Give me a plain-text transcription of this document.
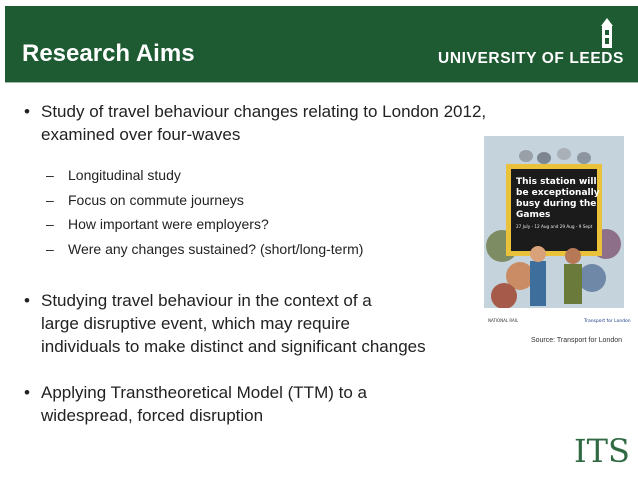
Research Aims	UNIVERSITY OF LEEDS
• Study of travel behaviour changes relating to London 2012,
examined over four-waves
– Longitudinal study
– Focus on commute journeys
– How important were employers?
– Were any changes sustained? (short/long-term)
• Studying travel behaviour in the context of a
large disruptive event, which may require
individuals to make distinct and significant changes
• Applying Transtheoretical Model (TTM) to a
widespread, forced disruption
This station will
be exceptionally
busy during the
Games
27 July - 12 Aug and 29 Aug - 9 Sept
NATIONAL RAIL	Transport for London
Source: Transport for London
ITS
